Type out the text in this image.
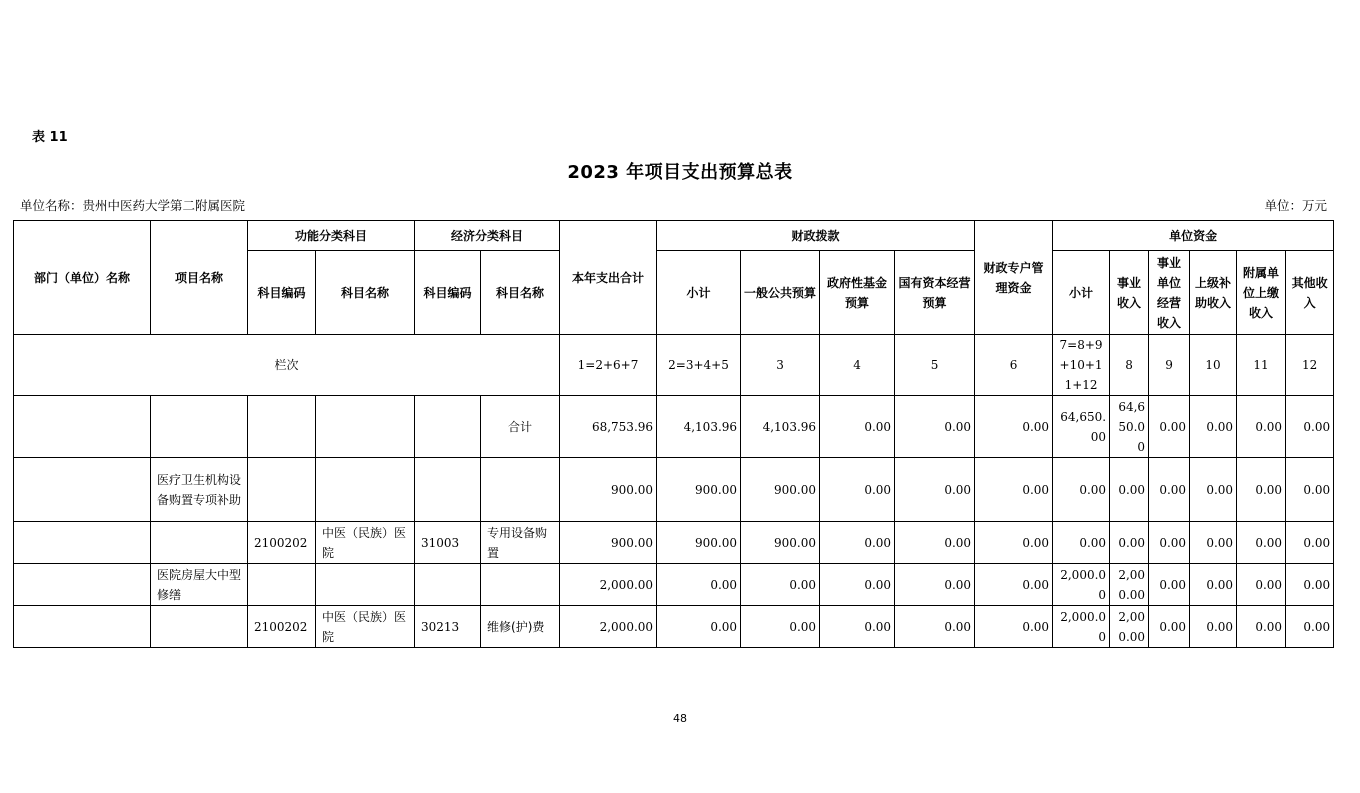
表 11
2023 年项目支出预算总表
单位名称：贵州中医药大学第二附属医院	单位：万元
部门（单位）名称	项目名称	功能分类科目		经济分类科目		本年支出合计	财政拨款				财政专户管理资金	单位资金					
		科目编码	科目名称	科目编码	科目名称		小计	一般公共预算	政府性基金预算	国有资本经营预算		小计	事业收入	事业单位经营收入	上级补助收入	附属单位上缴收入	其他收入
栏次						1=2+6+7	2=3+4+5	3	4	5	6	7=8+9+10+11+12	8	9	10	11	12
					合计	68,753.96	4,103.96	4,103.96	0.00	0.00	0.00	64,650.00	64,650.00	0.00	0.00	0.00	0.00
	医疗卫生机构设备购置专项补助					900.00	900.00	900.00	0.00	0.00	0.00	0.00	0.00	0.00	0.00	0.00	0.00
		2100202	中医（民族）医院	31003	专用设备购置	900.00	900.00	900.00	0.00	0.00	0.00	0.00	0.00	0.00	0.00	0.00	0.00
	医院房屋大中型修缮					2,000.00	0.00	0.00	0.00	0.00	0.00	2,000.00	2,000.00	0.00	0.00	0.00	0.00
		2100202	中医（民族）医院	30213	维修(护)费	2,000.00	0.00	0.00	0.00	0.00	0.00	2,000.00	2,000.00	0.00	0.00	0.00	0.00
48
